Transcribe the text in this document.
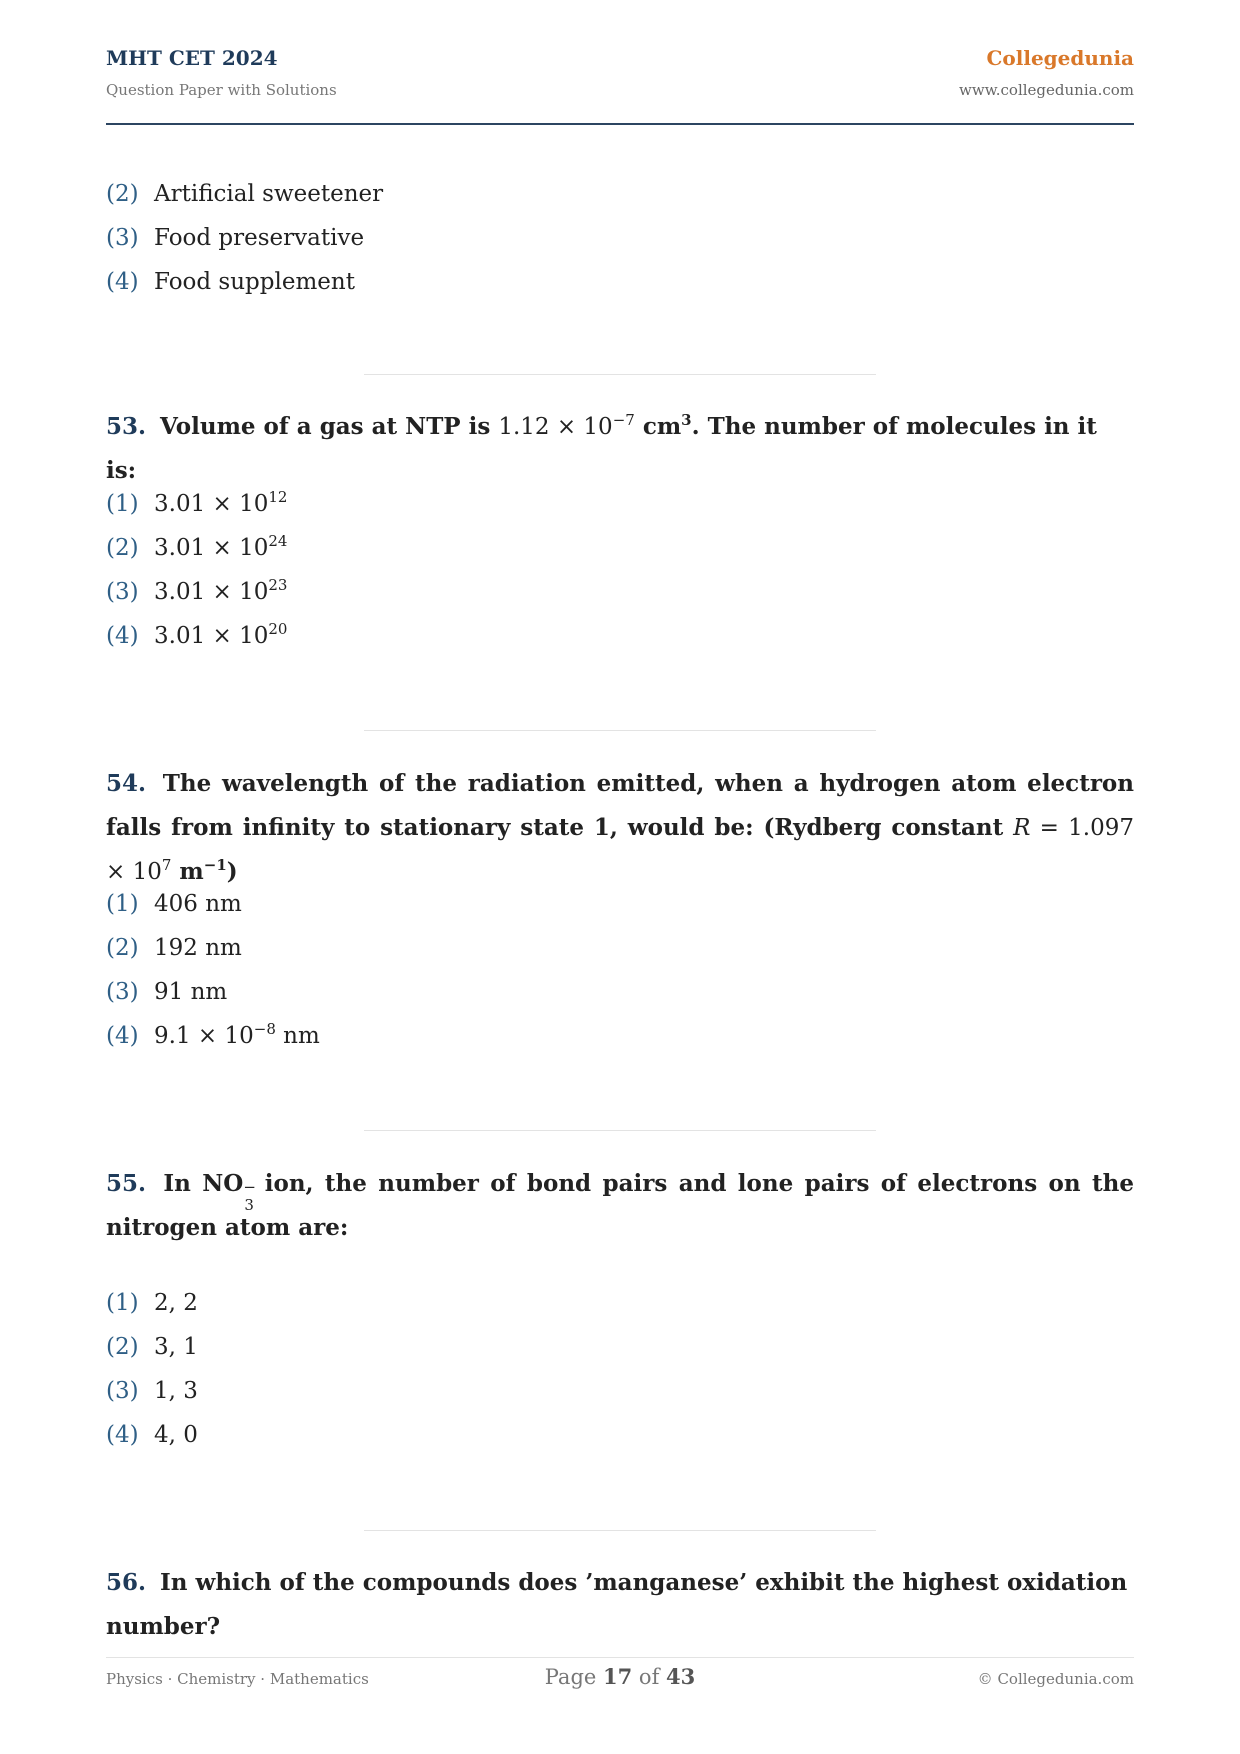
MHT CET 2024
Question Paper with Solutions
Collegedunia
www.collegedunia.com
(2) Artificial sweetener
(3) Food preservative
(4) Food supplement
53. Volume of a gas at NTP is $1.12 \times 10^{-7}$ $cm^3$. The number of molecules in it is:
(1) $3.01 \times 10^{12}$
(2) $3.01 \times 10^{24}$
(3) $3.01 \times 10^{23}$
(4) $3.01 \times 10^{20}$
54. The wavelength of the radiation emitted, when a hydrogen atom electron falls from infinity to stationary state 1, would be: (Rydberg constant $R = 1.097 \times 10^7$ $m^{-1}$)
(1) 406 nm
(2) 192 nm
(3) 91 nm
(4) $9.1 \times 10^{-8}$ nm
55. In NO −
3
ion, the number of bond pairs and lone pairs of electrons on the nitrogen atom are:
(1) 2, 2
(2) 3, 1
(3) 1, 3
(4) 4, 0
56. In which of the compounds does ’manganese’ exhibit the highest oxidation number?
Physics · Chemistry · Mathematics	Page 17 of 43	© Collegedunia.com
